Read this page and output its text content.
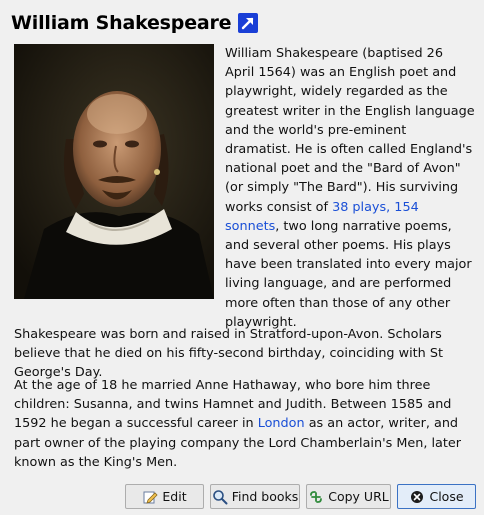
William Shakespeare
William Shakespeare (baptised 26 April 1564) was an English poet and playwright, widely regarded as the greatest writer in the English language and the world's pre-eminent dramatist. He is often called England's national poet and the "Bard of Avon" (or simply "The Bard"). His surviving works consist of 38 plays, 154 sonnets, two long narrative poems, and several other poems. His plays have been translated into every major living language, and are performed more often than those of any other playwright.
Shakespeare was born and raised in Stratford-upon-Avon. Scholars believe that he died on his fifty-second birthday, coinciding with St George's Day.
At the age of 18 he married Anne Hathaway, who bore him three children: Susanna, and twins Hamnet and Judith. Between 1585 and 1592 he began a successful career in London as an actor, writer, and part owner of the playing company the Lord Chamberlain's Men, later known as the King's Men.
Edit	Find books Copy URL	Close
